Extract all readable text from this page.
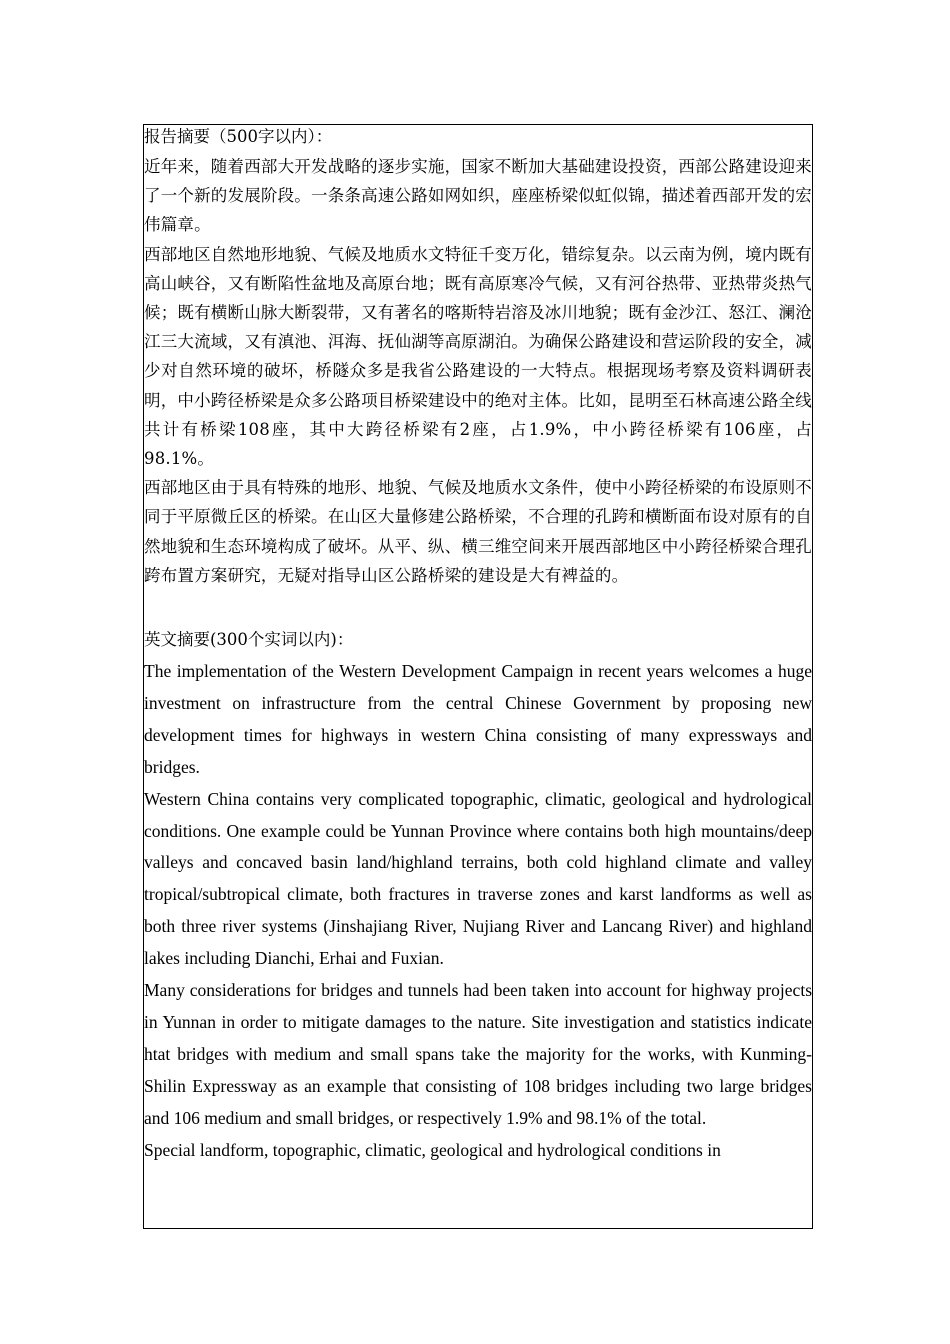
报告摘要（500字以内）：

近年来，随着西部大开发战略的逐步实施，国家不断加大基础建设投资，西部公路建设迎来了一个新的发展阶段。一条条高速公路如网如织，座座桥梁似虹似锦，描述着西部开发的宏伟篇章。

西部地区自然地形地貌、气候及地质水文特征千变万化，错综复杂。以云南为例，境内既有高山峡谷，又有断陷性盆地及高原台地；既有高原寒冷气候，又有河谷热带、亚热带炎热气候；既有横断山脉大断裂带，又有著名的喀斯特岩溶及冰川地貌；既有金沙江、怒江、澜沧江三大流域，又有滇池、洱海、抚仙湖等高原湖泊。为确保公路建设和营运阶段的安全，减少对自然环境的破坏，桥隧众多是我省公路建设的一大特点。根据现场考察及资料调研表明，中小跨径桥梁是众多公路项目桥梁建设中的绝对主体。比如，昆明至石林高速公路全线共计有桥梁108座，其中大跨径桥梁有2座，占1.9%，中小跨径桥梁有106座，占98.1%。

西部地区由于具有特殊的地形、地貌、气候及地质水文条件，使中小跨径桥梁的布设原则不同于平原微丘区的桥梁。在山区大量修建公路桥梁，不合理的孔跨和横断面布设对原有的自然地貌和生态环境构成了破坏。从平、纵、横三维空间来开展西部地区中小跨径桥梁合理孔跨布置方案研究，无疑对指导山区公路桥梁的建设是大有裨益的。

英文摘要(300个实词以内)：

The implementation of the Western Development Campaign in recent years welcomes a huge investment on infrastructure from the central Chinese Government by proposing new development times for highways in western China consisting of many expressways and bridges.

Western China contains very complicated topographic, climatic, geological and hydrological conditions. One example could be Yunnan Province where contains both high mountains/deep valleys and concaved basin land/highland terrains, both cold highland climate and valley tropical/subtropical climate, both fractures in traverse zones and karst landforms as well as both three river systems (Jinshajiang River, Nujiang River and Lancang River) and highland lakes including Dianchi, Erhai and Fuxian.

Many considerations for bridges and tunnels had been taken into account for highway projects in Yunnan in order to mitigate damages to the nature. Site investigation and statistics indicate htat bridges with medium and small spans take the majority for the works, with Kunming-Shilin Expressway as an example that consisting of 108 bridges including two large bridges and 106 medium and small bridges, or respectively 1.9% and 98.1% of the total.

Special landform, topographic, climatic, geological and hydrological conditions in
